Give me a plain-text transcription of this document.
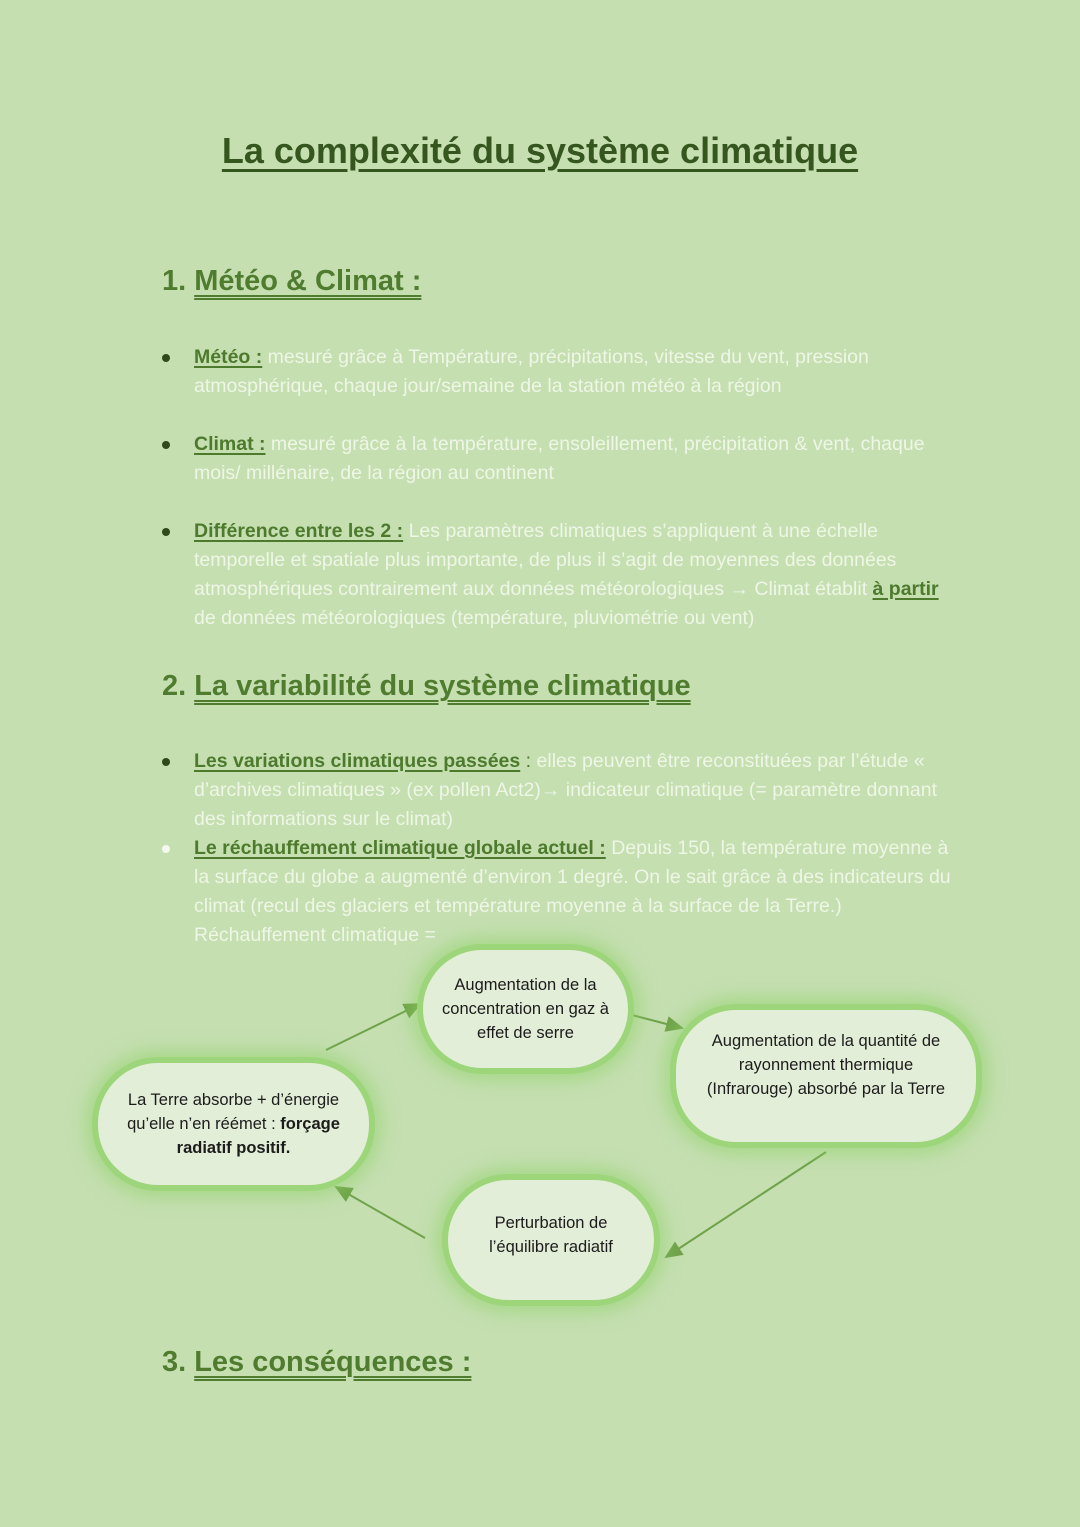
La complexité du système climatique
1. Météo & Climat :
Météo : mesuré grâce à Température, précipitations, vitesse du vent, pression atmosphérique, chaque jour/semaine de la station météo à la région
Climat : mesuré grâce à la température, ensoleillement, précipitation & vent, chaque mois/ millénaire, de la région au continent
Différence entre les 2 : Les paramètres climatiques s’appliquent à une échelle temporelle et spatiale plus importante, de plus il s’agit de moyennes des données atmosphériques contrairement aux données météorologiques → Climat établit à partir de données météorologiques (température, pluviométrie ou vent)
2. La variabilité du système climatique
Les variations climatiques passées : elles peuvent être reconstituées par l’étude « d’archives climatiques » (ex pollen Act2)→ indicateur climatique (= paramètre donnant des informations sur le climat)
Le réchauffement climatique globale actuel : Depuis 150, la température moyenne à la surface du globe a augmenté d’environ 1 degré. On le sait grâce à des indicateurs du climat (recul des glaciers et température moyenne à la surface de la Terre.) Réchauffement climatique =
Augmentation de la concentration en gaz à effet de serre	Augmentation de la quantité de rayonnement thermique (Infrarouge) absorbé par la Terre
Perturbation de l’équilibre radiatif
La Terre absorbe + d’énergie qu’elle n’en réémet : forçage radiatif positif.
3. Les conséquences :
